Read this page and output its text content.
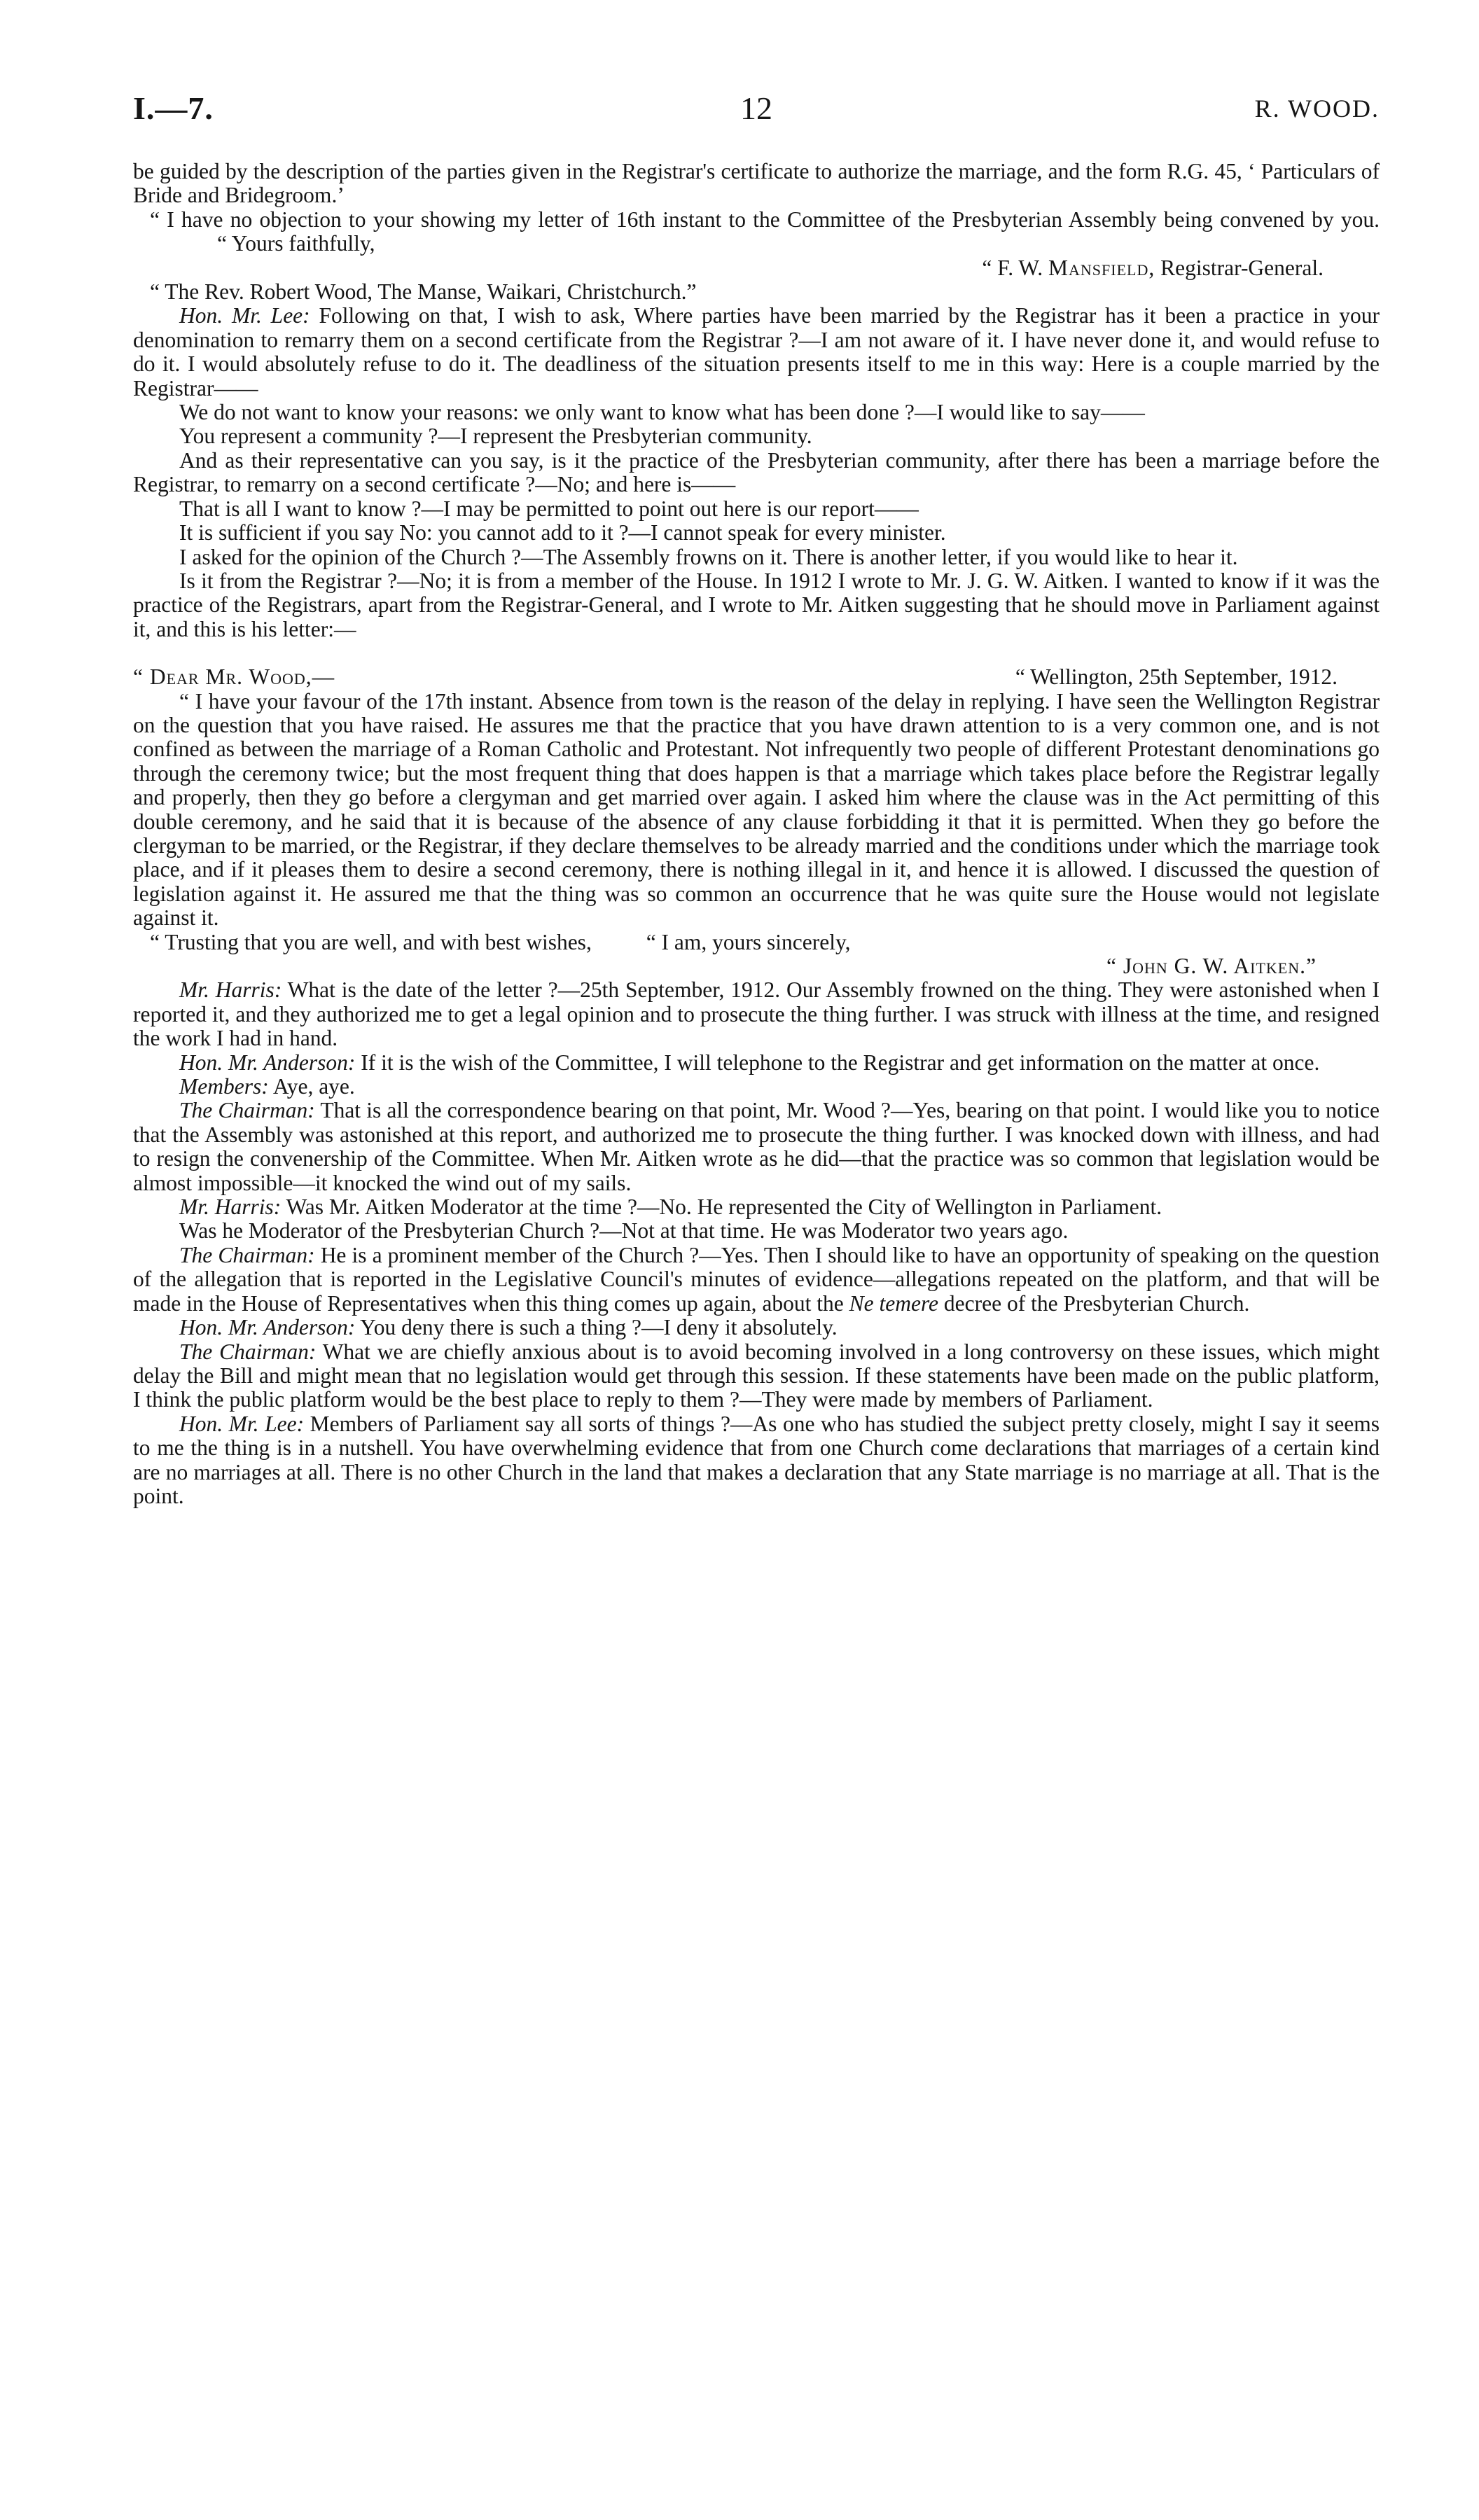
I.—7.	12	R. WOOD.

be guided by the description of the parties given in the Registrar's certificate to authorize the marriage, and the form R.G. 45, ‘ Particulars of Bride and Bridegroom.’

“ I have no objection to your showing my letter of 16th instant to the Committee of the Presbyterian Assembly being convened by you. “ Yours faithfully,

“ F. W. Mansfield, Registrar-General.

“ The Rev. Robert Wood, The Manse, Waikari, Christchurch.”

Hon. Mr. Lee: Following on that, I wish to ask, Where parties have been married by the Registrar has it been a practice in your denomination to remarry them on a second certificate from the Registrar ?—I am not aware of it. I have never done it, and would refuse to do it. I would absolutely refuse to do it. The deadliness of the situation presents itself to me in this way: Here is a couple married by the Registrar——

We do not want to know your reasons: we only want to know what has been done ?—I would like to say——

You represent a community ?—I represent the Presbyterian community.

And as their representative can you say, is it the practice of the Presbyterian community, after there has been a marriage before the Registrar, to remarry on a second certificate ?—No; and here is——

That is all I want to know ?—I may be permitted to point out here is our report——

It is sufficient if you say No: you cannot add to it ?—I cannot speak for every minister.

I asked for the opinion of the Church ?—The Assembly frowns on it. There is another letter, if you would like to hear it.

Is it from the Registrar ?—No; it is from a member of the House. In 1912 I wrote to Mr. J. G. W. Aitken. I wanted to know if it was the practice of the Registrars, apart from the Registrar-General, and I wrote to Mr. Aitken suggesting that he should move in Parliament against it, and this is his letter:—

“ Dear Mr. Wood,—	“ Wellington, 25th September, 1912.

“ I have your favour of the 17th instant. Absence from town is the reason of the delay in replying. I have seen the Wellington Registrar on the question that you have raised. He assures me that the practice that you have drawn attention to is a very common one, and is not confined as between the marriage of a Roman Catholic and Protestant. Not infrequently two people of different Protestant denominations go through the ceremony twice; but the most frequent thing that does happen is that a marriage which takes place before the Registrar legally and properly, then they go before a clergyman and get married over again. I asked him where the clause was in the Act permitting of this double ceremony, and he said that it is because of the absence of any clause forbidding it that it is permitted. When they go before the clergyman to be married, or the Registrar, if they declare themselves to be already married and the conditions under which the marriage took place, and if it pleases them to desire a second ceremony, there is nothing illegal in it, and hence it is allowed. I discussed the question of legislation against it. He assured me that the thing was so common an occurrence that he was quite sure the House would not legislate against it.

“ Trusting that you are well, and with best wishes, “ I am, yours sincerely,

“ John G. W. Aitken.”

Mr. Harris: What is the date of the letter ?—25th September, 1912. Our Assembly frowned on the thing. They were astonished when I reported it, and they authorized me to get a legal opinion and to prosecute the thing further. I was struck with illness at the time, and resigned the work I had in hand.

Hon. Mr. Anderson: If it is the wish of the Committee, I will telephone to the Registrar and get information on the matter at once.

Members: Aye, aye.

The Chairman: That is all the correspondence bearing on that point, Mr. Wood ?—Yes, bearing on that point. I would like you to notice that the Assembly was astonished at this report, and authorized me to prosecute the thing further. I was knocked down with illness, and had to resign the convenership of the Committee. When Mr. Aitken wrote as he did—that the practice was so common that legislation would be almost impossible—it knocked the wind out of my sails.

Mr. Harris: Was Mr. Aitken Moderator at the time ?—No. He represented the City of Wellington in Parliament.

Was he Moderator of the Presbyterian Church ?—Not at that time. He was Moderator two years ago.

The Chairman: He is a prominent member of the Church ?—Yes. Then I should like to have an opportunity of speaking on the question of the allegation that is reported in the Legislative Council's minutes of evidence—allegations repeated on the platform, and that will be made in the House of Representatives when this thing comes up again, about the Ne temere decree of the Presbyterian Church.

Hon. Mr. Anderson: You deny there is such a thing ?—I deny it absolutely.

The Chairman: What we are chiefly anxious about is to avoid becoming involved in a long controversy on these issues, which might delay the Bill and might mean that no legislation would get through this session. If these statements have been made on the public platform, I think the public platform would be the best place to reply to them ?—They were made by members of Parliament.

Hon. Mr. Lee: Members of Parliament say all sorts of things ?—As one who has studied the subject pretty closely, might I say it seems to me the thing is in a nutshell. You have overwhelming evidence that from one Church come declarations that marriages of a certain kind are no marriages at all. There is no other Church in the land that makes a declaration that any State marriage is no marriage at all. That is the point.
